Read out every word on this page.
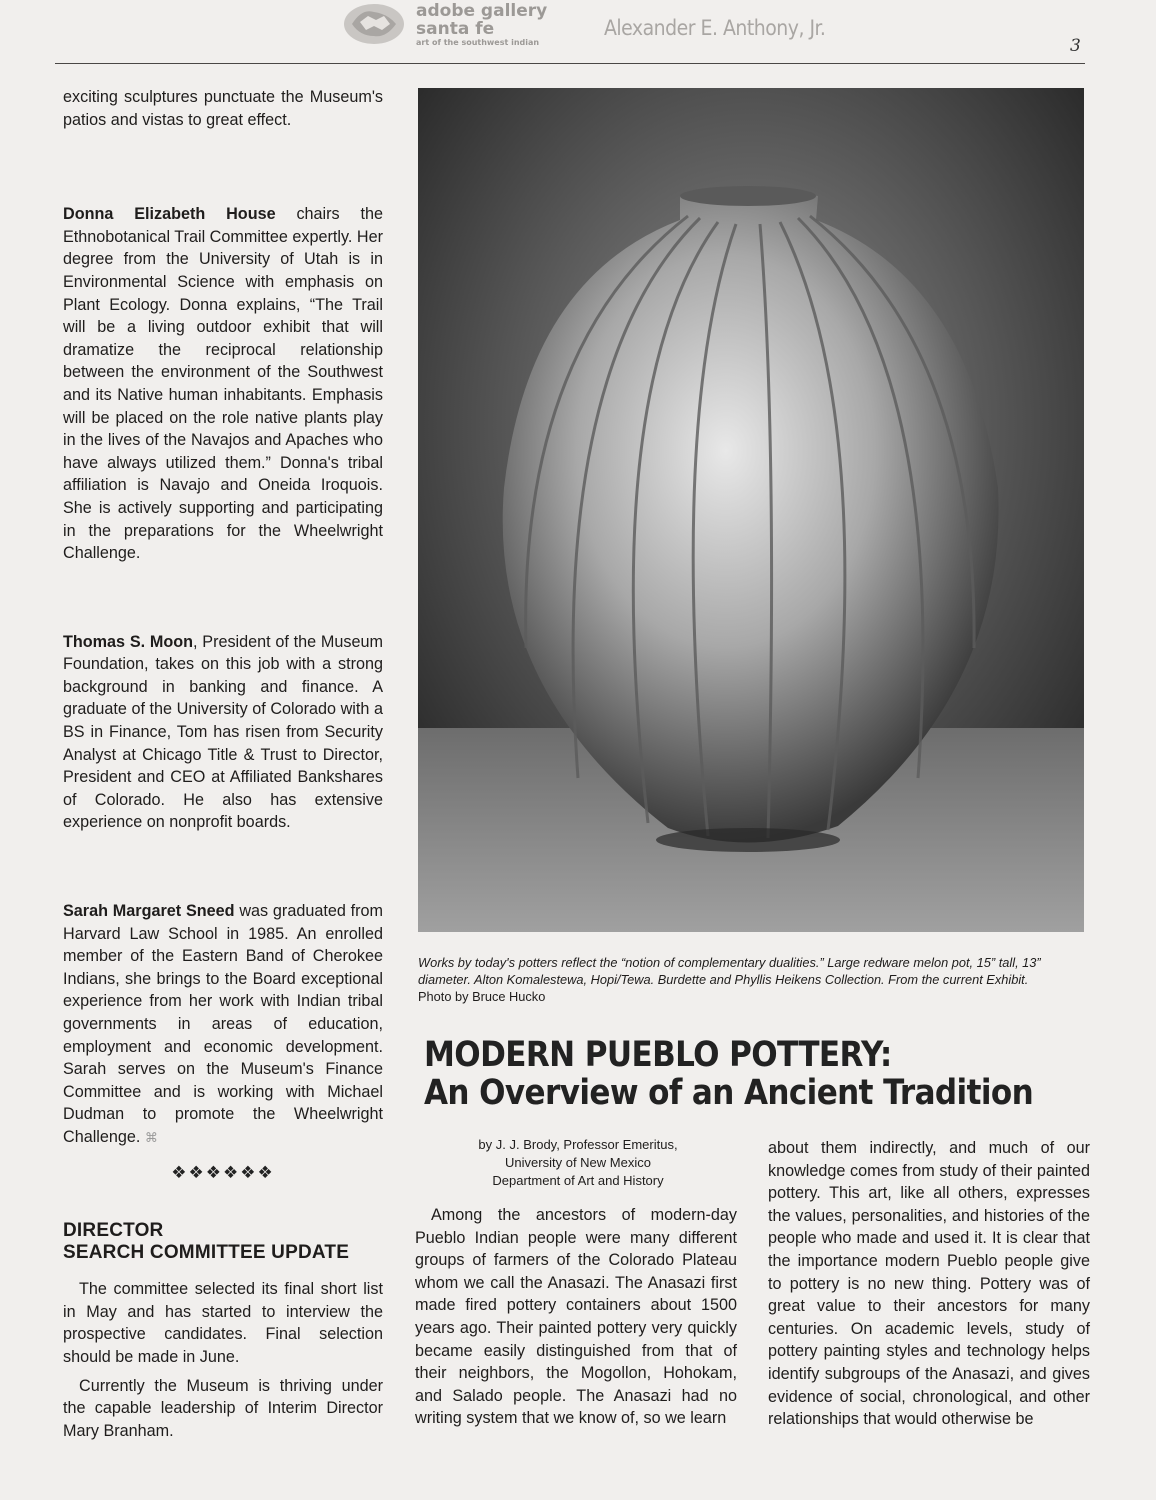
adobe gallery
santa fe
art of the southwest indian
Alexander E. Anthony, Jr.
3

exciting sculptures punctuate the Museum's patios and vistas to great effect.

Donna Elizabeth House chairs the Ethnobotanical Trail Committee expertly. Her degree from the University of Utah is in Environmental Science with emphasis on Plant Ecology. Donna explains, “The Trail will be a living outdoor exhibit that will dramatize the reciprocal relationship between the environment of the Southwest and its Native human inhabitants. Emphasis will be placed on the role native plants play in the lives of the Navajos and Apaches who have always utilized them.” Donna's tribal affiliation is Navajo and Oneida Iroquois. She is actively supporting and participating in the preparations for the Wheelwright Challenge.

Thomas S. Moon, President of the Museum Foundation, takes on this job with a strong background in banking and finance. A graduate of the University of Colorado with a BS in Finance, Tom has risen from Security Analyst at Chicago Title & Trust to Director, President and CEO at Affiliated Bankshares of Colorado. He also has extensive experience on nonprofit boards.

Sarah Margaret Sneed was graduated from Harvard Law School in 1985. An enrolled member of the Eastern Band of Cherokee Indians, she brings to the Board exceptional experience from her work with Indian tribal governments in areas of education, employment and economic development. Sarah serves on the Museum's Finance Committee and is working with Michael Dudman to promote the Wheelwright Challenge. ⌘

❖❖❖❖❖❖
DIRECTOR
SEARCH COMMITTEE UPDATE

The committee selected its final short list in May and has started to interview the prospective candidates. Final selection should be made in June.

Currently the Museum is thriving under the capable leadership of Interim Director Mary Branham.

Works by today's potters reflect the “notion of complementary dualities.” Large redware melon pot, 15” tall, 13” diameter. Alton Komalestewa, Hopi/Tewa. Burdette and Phyllis Heikens Collection. From the current Exhibit.
Photo by Bruce Hucko
MODERN PUEBLO POTTERY:
An Overview of an Ancient Tradition
by J. J. Brody, Professor Emeritus,
University of New Mexico
Department of Art and History

Among the ancestors of modern-day Pueblo Indian people were many different groups of farmers of the Colorado Plateau whom we call the Anasazi. The Anasazi first made fired pottery containers about 1500 years ago. Their painted pottery very quickly became easily distinguished from that of their neighbors, the Mogollon, Hohokam, and Salado people. The Anasazi had no writing system that we know of, so we learn

about them indirectly, and much of our knowledge comes from study of their painted pottery. This art, like all others, expresses the values, personalities, and histories of the people who made and used it. It is clear that the importance modern Pueblo people give to pottery is no new thing. Pottery was of great value to their ancestors for many centuries. On academic levels, study of pottery painting styles and technology helps identify subgroups of the Anasazi, and gives evidence of social, chronological, and other relationships that would otherwise be
